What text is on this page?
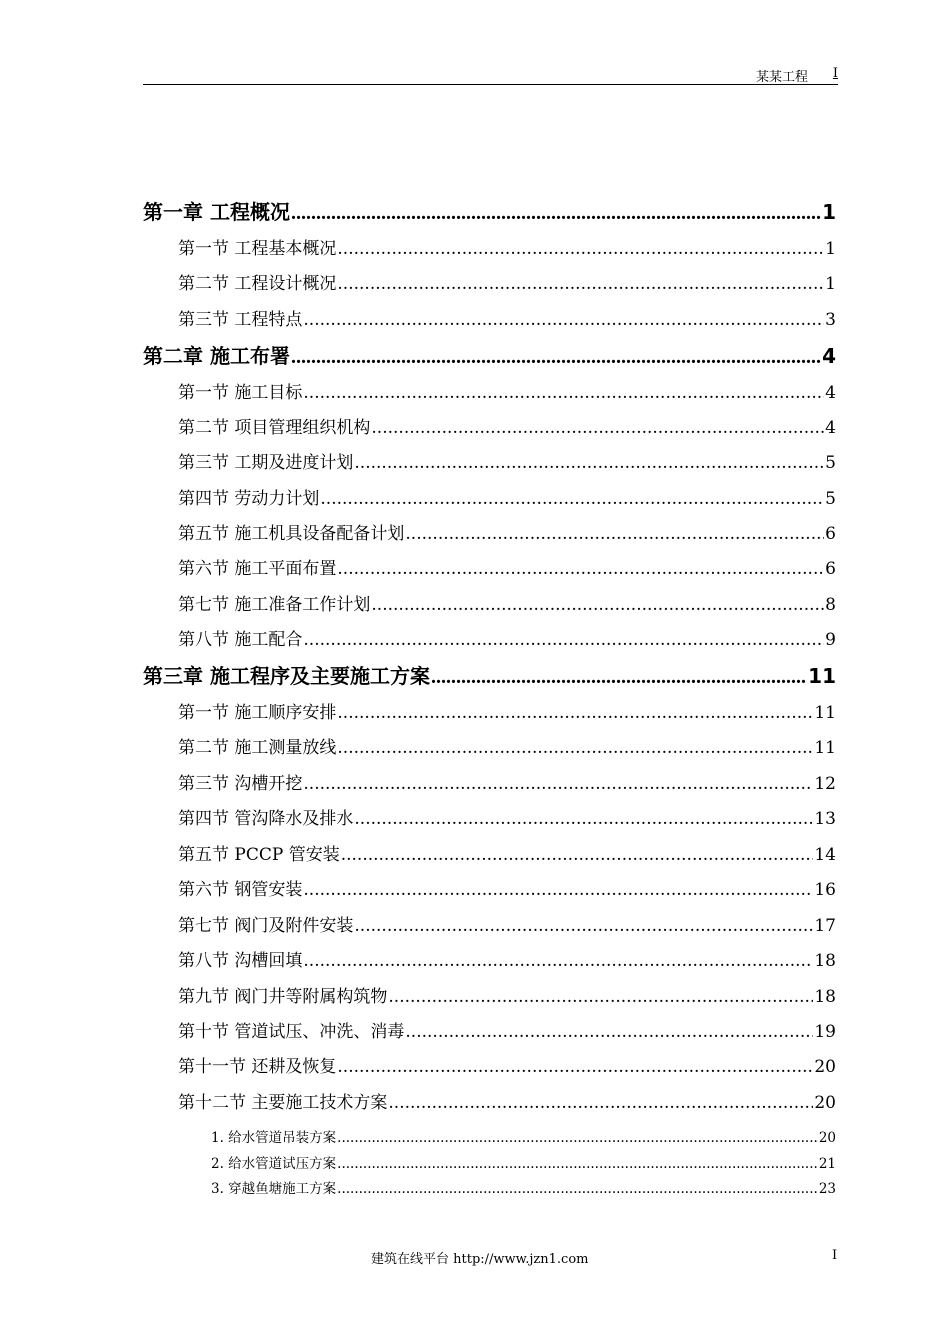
某某工程 I
第一章 工程概况 .....	1
第一节 工程基本概况 .....	1
第二节 工程设计概况 .....	1
第三节 工程特点 .....	3
第二章 施工布署 .....	4
第一节 施工目标 .....	4
第二节 项目管理组织机构 .....	4
第三节 工期及进度计划 .....	5
第四节 劳动力计划 .....	5
第五节 施工机具设备配备计划 .....	6
第六节 施工平面布置 .....	6
第七节 施工准备工作计划 .....	8
第八节 施工配合 .....	9
第三章 施工程序及主要施工方案 .....	11
第一节 施工顺序安排 .....	11
第二节 施工测量放线 .....	11
第三节 沟槽开挖 .....	12
第四节 管沟降水及排水 .....	13
第五节 PCCP 管安装 .....	14
第六节 钢管安装 .....	16
第七节 阀门及附件安装 .....	17
第八节 沟槽回填 .....	18
第九节 阀门井等附属构筑物 .....	18
第十节 管道试压、冲洗、消毒 .....	19
第十一节 还耕及恢复 .....	20
第十二节 主要施工技术方案 .....	20
1. 给水管道吊装方案 .....	20
2. 给水管道试压方案 .....	21
3. 穿越鱼塘施工方案 .....	23
建筑在线平台 http://www.jzn1.com	I
